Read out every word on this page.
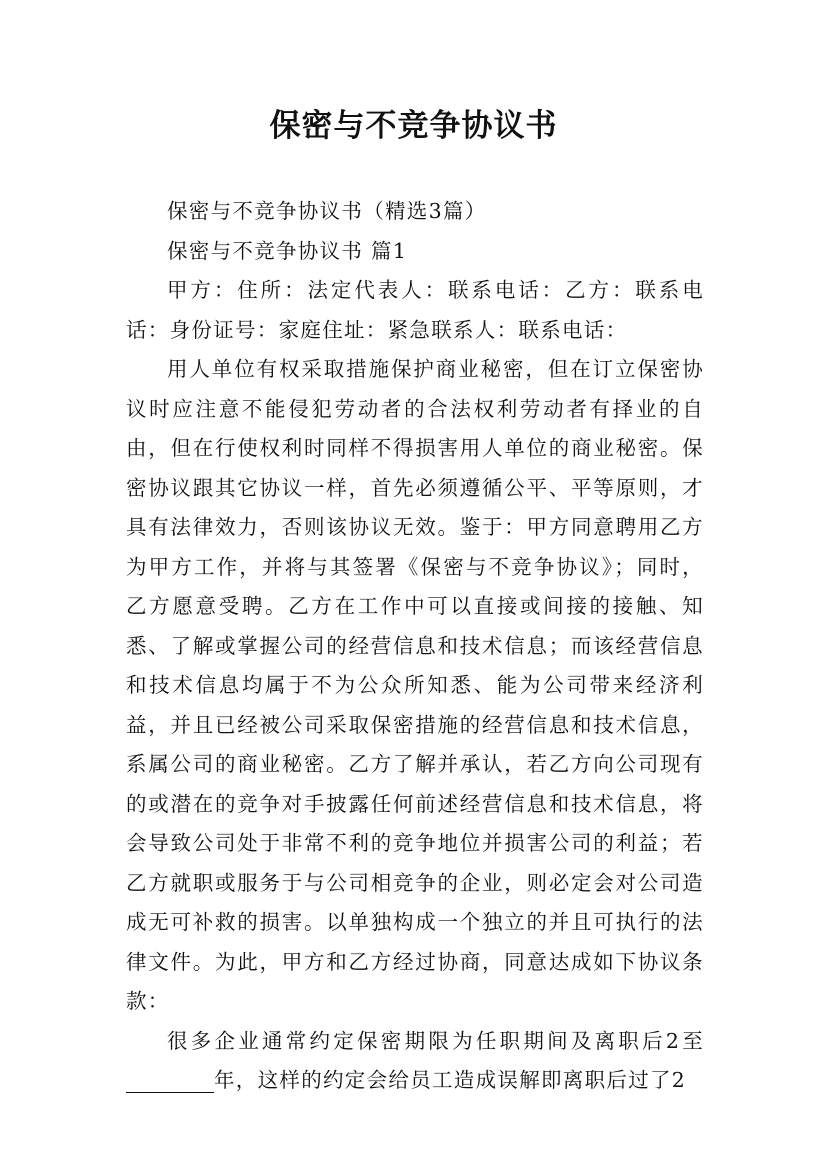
保密与不竞争协议书

保密与不竞争协议书（精选3篇）

保密与不竞争协议书 篇1

甲方：住所：法定代表人：联系电话：乙方：联系电话：身份证号：家庭住址：紧急联系人：联系电话：

用人单位有权采取措施保护商业秘密，但在订立保密协议时应注意不能侵犯劳动者的合法权利劳动者有择业的自由，但在行使权利时同样不得损害用人单位的商业秘密。保密协议跟其它协议一样，首先必须遵循公平、平等原则，才具有法律效力，否则该协议无效。鉴于：甲方同意聘用乙方为甲方工作，并将与其签署《保密与不竞争协议》；同时，乙方愿意受聘。乙方在工作中可以直接或间接的接触、知悉、了解或掌握公司的经营信息和技术信息；而该经营信息和技术信息均属于不为公众所知悉、能为公司带来经济利益，并且已经被公司采取保密措施的经营信息和技术信息，系属公司的商业秘密。乙方了解并承认，若乙方向公司现有的或潜在的竞争对手披露任何前述经营信息和技术信息，将会导致公司处于非常不利的竞争地位并损害公司的利益；若乙方就职或服务于与公司相竞争的企业，则必定会对公司造成无可补救的损害。以单独构成一个独立的并且可执行的法律文件。为此，甲方和乙方经过协商，同意达成如下协议条款：

很多企业通常约定保密期限为任职期间及离职后2至年，这样的约定会给员工造成误解即离职后过了2
